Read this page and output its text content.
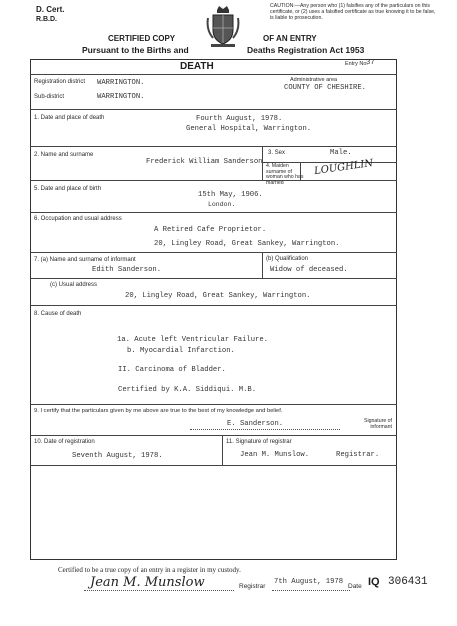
D. Cert.
R.B.D.
CERTIFIED COPY
Pursuant to the Births and
OF AN ENTRY
Deaths Registration Act 1953
CAUTION:—Any person who (1) falsifies any of the particulars on this certificate, or (2) uses a falsified certificate as true knowing it to be false, is liable to prosecution.
DEATH	Entry No.
37
Registration district WARRINGTON.	Administrative area
COUNTY OF CHESHIRE.
Sub-district	WARRINGTON.
1. Date and place of death	Fourth August, 1978.
General Hospital, Warrington.
2. Name and surname
Frederick William Sanderson.
3. Sex	Male.
4. Maiden surname of woman who has married
LOUGHLIN
5. Date and place of birth
15th May, 1906.
London.
6. Occupation and usual address
A Retired Cafe Proprietor.
20, Lingley Road, Great Sankey, Warrington.
7. (a) Name and surname of informant
Edith Sanderson.
(b) Qualification
Widow of deceased.
(c) Usual address
20, Lingley Road, Great Sankey, Warrington.
8. Cause of death
1a. Acute left Ventricular Failure.
b. Myocardial Infarction.
II. Carcinoma of Bladder.
Certified by K.A. Siddiqui. M.B.
9. I certify that the particulars given by me above are true to the best of my knowledge and belief.
E. Sanderson.	Signature of informant
10. Date of registration
Seventh August, 1978.
11. Signature of registrar
Jean M. Munslow.	Registrar.
Certified to be a true copy of an entry in a register in my custody.
Jean M. Munslow	Registrar
7th August, 1978
Date IQ 306431
